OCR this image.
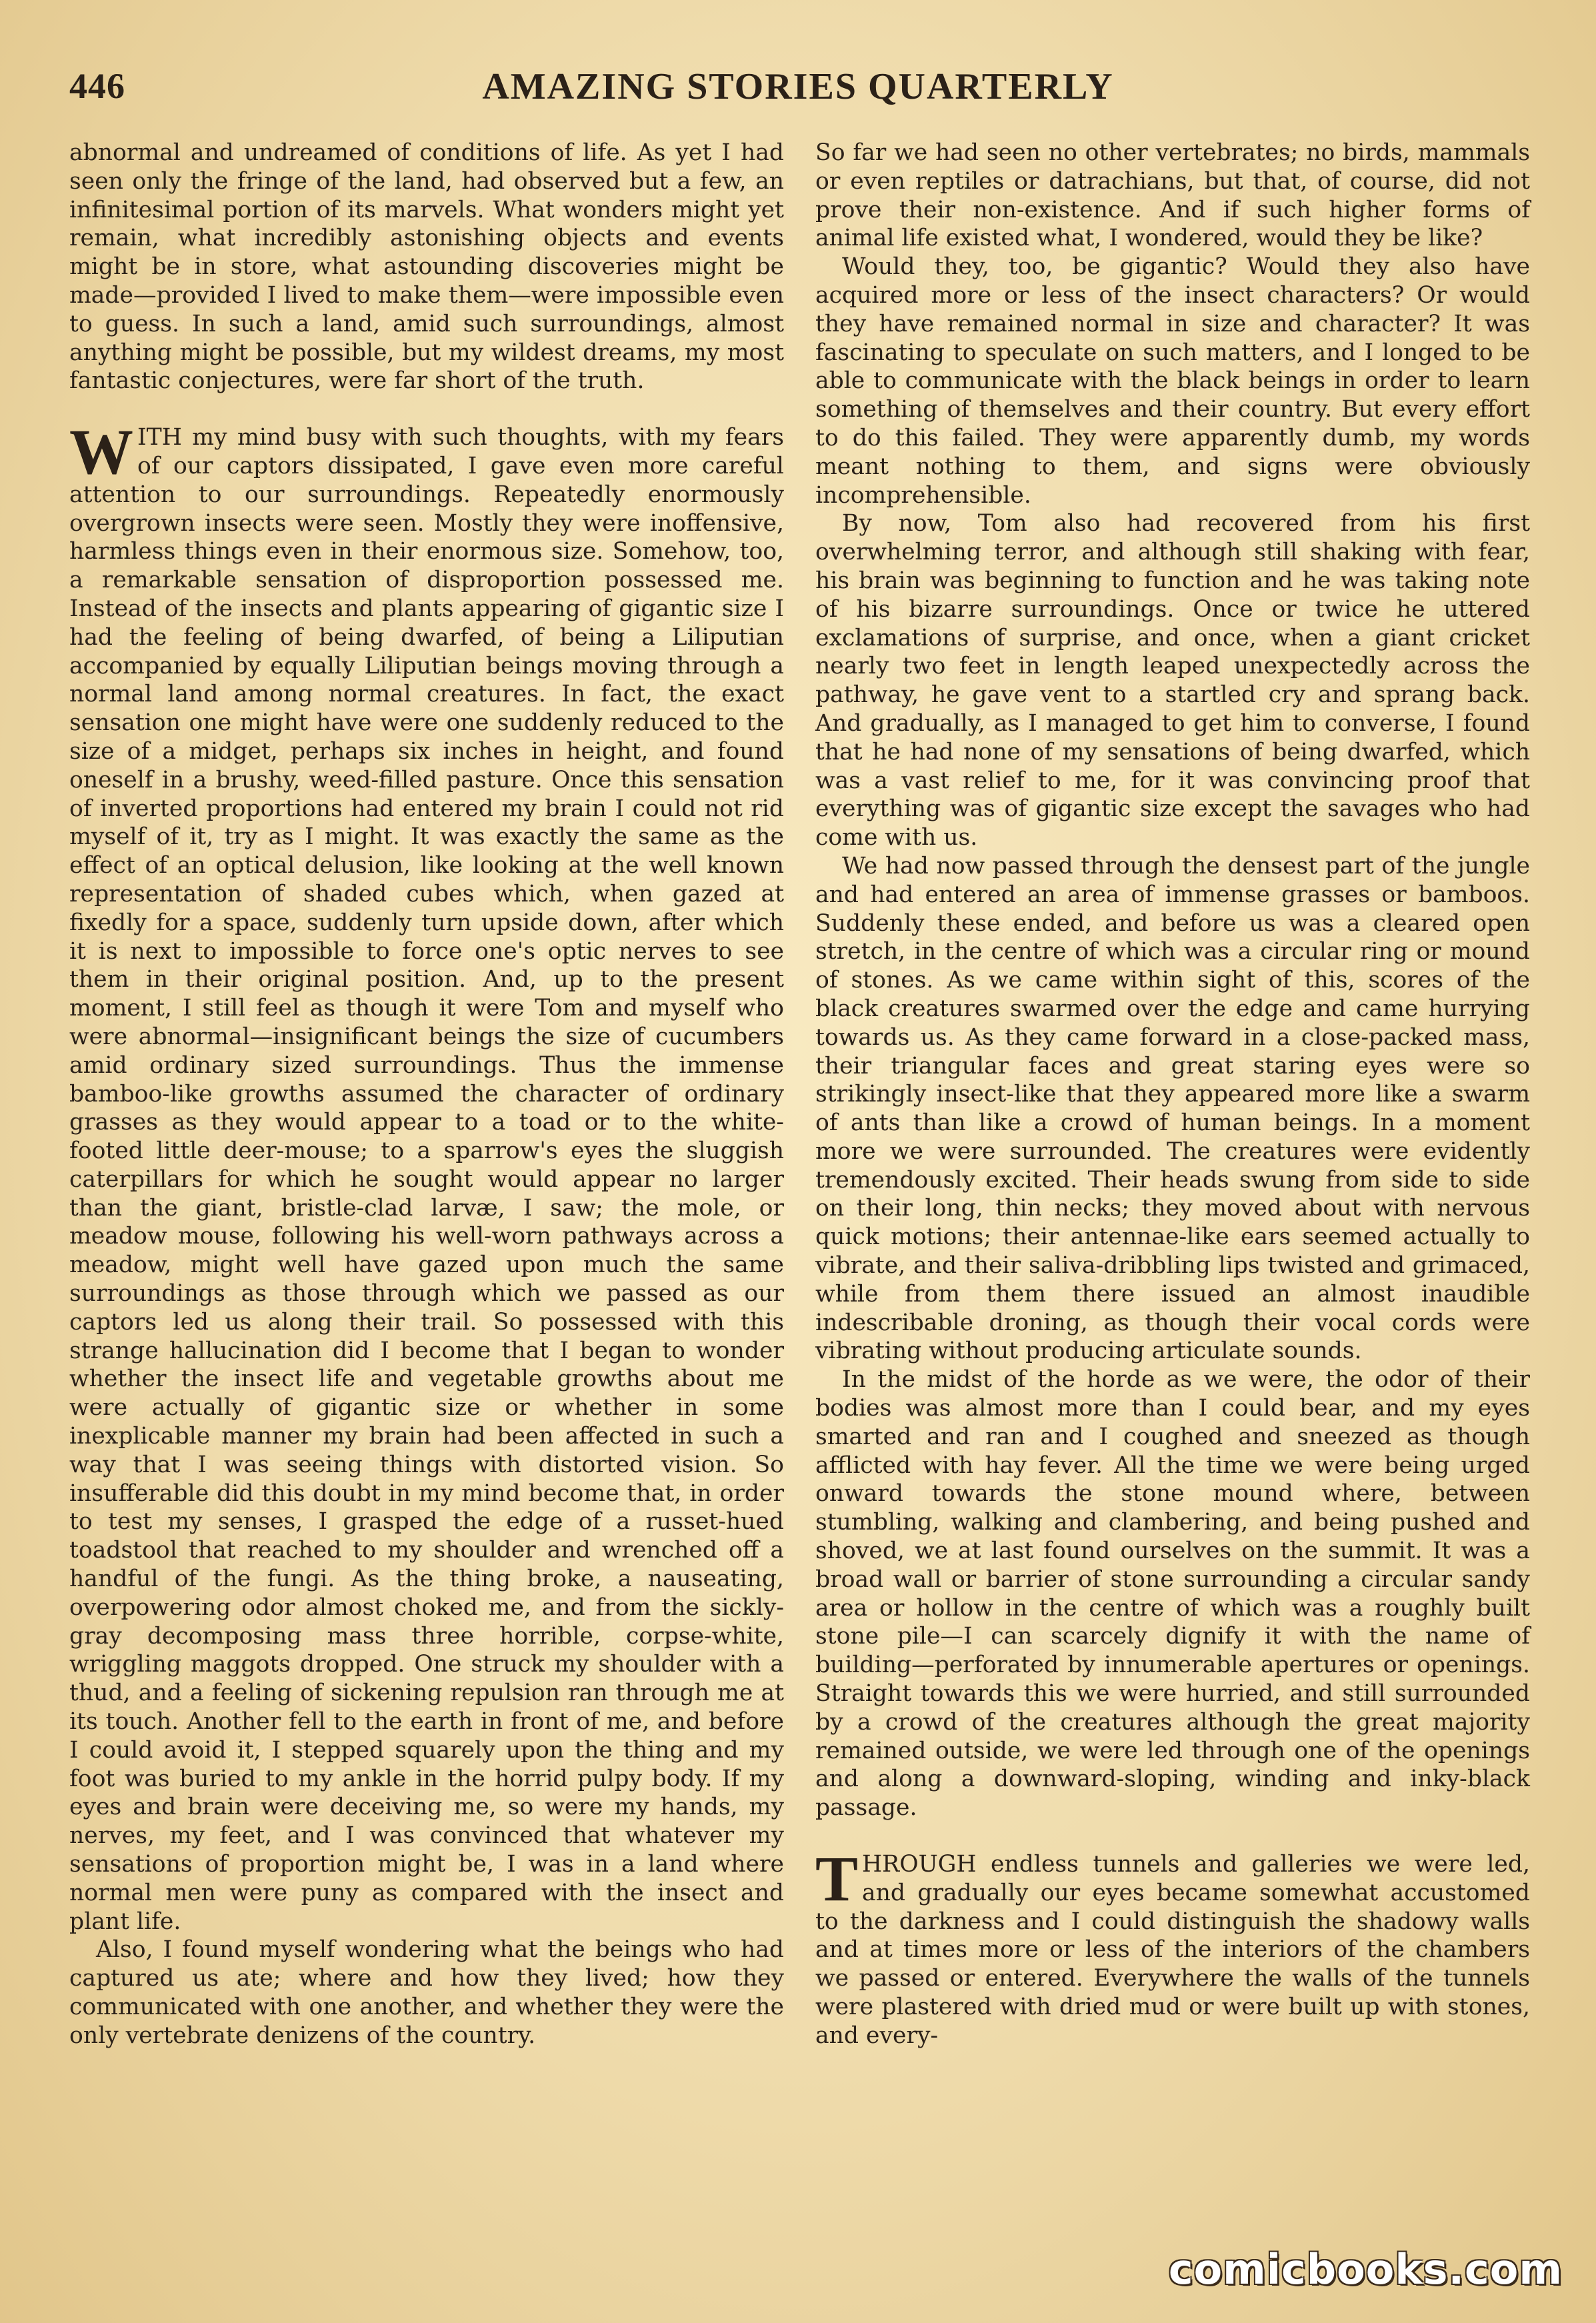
446	AMAZING STORIES QUARTERLY

abnormal and undreamed of conditions of life. As yet I had seen only the fringe of the land, had observed but a few, an infinitesimal portion of its marvels. What wonders might yet remain, what incredibly astonishing objects and events might be in store, what astounding discoveries might be made—provided I lived to make them—were impossible even to guess. In such a land, amid such surroundings, almost anything might be possible, but my wildest dreams, my most fantastic conjectures, were far short of the truth.

WITH my mind busy with such thoughts, with my fears of our captors dissipated, I gave even more careful attention to our surroundings. Repeatedly enormously overgrown insects were seen. Mostly they were inoffensive, harmless things even in their enormous size. Somehow, too, a remarkable sensation of disproportion possessed me. Instead of the insects and plants appearing of gigantic size I had the feeling of being dwarfed, of being a Liliputian accompanied by equally Liliputian beings moving through a normal land among normal creatures. In fact, the exact sensation one might have were one suddenly reduced to the size of a midget, perhaps six inches in height, and found oneself in a brushy, weed-filled pasture. Once this sensation of inverted proportions had entered my brain I could not rid myself of it, try as I might. It was exactly the same as the effect of an optical delusion, like looking at the well known representation of shaded cubes which, when gazed at fixedly for a space, suddenly turn upside down, after which it is next to impossible to force one's optic nerves to see them in their original position. And, up to the present moment, I still feel as though it were Tom and myself who were abnormal—insignificant beings the size of cucumbers amid ordinary sized surroundings. Thus the immense bamboo-like growths assumed the character of ordinary grasses as they would appear to a toad or to the white-footed little deer-mouse; to a sparrow's eyes the sluggish caterpillars for which he sought would appear no larger than the giant, bristle-clad larvæ, I saw; the mole, or meadow mouse, following his well-worn pathways across a meadow, might well have gazed upon much the same surroundings as those through which we passed as our captors led us along their trail. So possessed with this strange hallucination did I become that I began to wonder whether the insect life and vegetable growths about me were actually of gigantic size or whether in some inexplicable manner my brain had been affected in such a way that I was seeing things with distorted vision. So insufferable did this doubt in my mind become that, in order to test my senses, I grasped the edge of a russet-hued toadstool that reached to my shoulder and wrenched off a handful of the fungi. As the thing broke, a nauseating, overpowering odor almost choked me, and from the sickly-gray decomposing mass three horrible, corpse-white, wriggling maggots dropped. One struck my shoulder with a thud, and a feeling of sickening repulsion ran through me at its touch. Another fell to the earth in front of me, and before I could avoid it, I stepped squarely upon the thing and my foot was buried to my ankle in the horrid pulpy body. If my eyes and brain were deceiving me, so were my hands, my nerves, my feet, and I was convinced that whatever my sensations of proportion might be, I was in a land where normal men were puny as compared with the insect and plant life.

Also, I found myself wondering what the beings who had captured us ate; where and how they lived; how they communicated with one another, and whether they were the only vertebrate denizens of the country.

So far we had seen no other vertebrates; no birds, mammals or even reptiles or datrachians, but that, of course, did not prove their non-existence. And if such higher forms of animal life existed what, I wondered, would they be like?

Would they, too, be gigantic? Would they also have acquired more or less of the insect characters? Or would they have remained normal in size and character? It was fascinating to speculate on such matters, and I longed to be able to communicate with the black beings in order to learn something of themselves and their country. But every effort to do this failed. They were apparently dumb, my words meant nothing to them, and signs were obviously incomprehensible.

By now, Tom also had recovered from his first overwhelming terror, and although still shaking with fear, his brain was beginning to function and he was taking note of his bizarre surroundings. Once or twice he uttered exclamations of surprise, and once, when a giant cricket nearly two feet in length leaped unexpectedly across the pathway, he gave vent to a startled cry and sprang back. And gradually, as I managed to get him to converse, I found that he had none of my sensations of being dwarfed, which was a vast relief to me, for it was convincing proof that everything was of gigantic size except the savages who had come with us.

We had now passed through the densest part of the jungle and had entered an area of immense grasses or bamboos. Suddenly these ended, and before us was a cleared open stretch, in the centre of which was a circular ring or mound of stones. As we came within sight of this, scores of the black creatures swarmed over the edge and came hurrying towards us. As they came forward in a close-packed mass, their triangular faces and great staring eyes were so strikingly insect-like that they appeared more like a swarm of ants than like a crowd of human beings. In a moment more we were surrounded. The creatures were evidently tremendously excited. Their heads swung from side to side on their long, thin necks; they moved about with nervous quick motions; their antennae-like ears seemed actually to vibrate, and their saliva-dribbling lips twisted and grimaced, while from them there issued an almost inaudible indescribable droning, as though their vocal cords were vibrating without producing articulate sounds.

In the midst of the horde as we were, the odor of their bodies was almost more than I could bear, and my eyes smarted and ran and I coughed and sneezed as though afflicted with hay fever. All the time we were being urged onward towards the stone mound where, between stumbling, walking and clambering, and being pushed and shoved, we at last found ourselves on the summit. It was a broad wall or barrier of stone surrounding a circular sandy area or hollow in the centre of which was a roughly built stone pile—I can scarcely dignify it with the name of building—perforated by innumerable apertures or openings. Straight towards this we were hurried, and still surrounded by a crowd of the creatures although the great majority remained outside, we were led through one of the openings and along a downward-sloping, winding and inky-black passage.

THROUGH endless tunnels and galleries we were led, and gradually our eyes became somewhat accustomed to the darkness and I could distinguish the shadowy walls and at times more or less of the interiors of the chambers we passed or entered. Everywhere the walls of the tunnels were plastered with dried mud or were built up with stones, and every-

comicbooks.com
